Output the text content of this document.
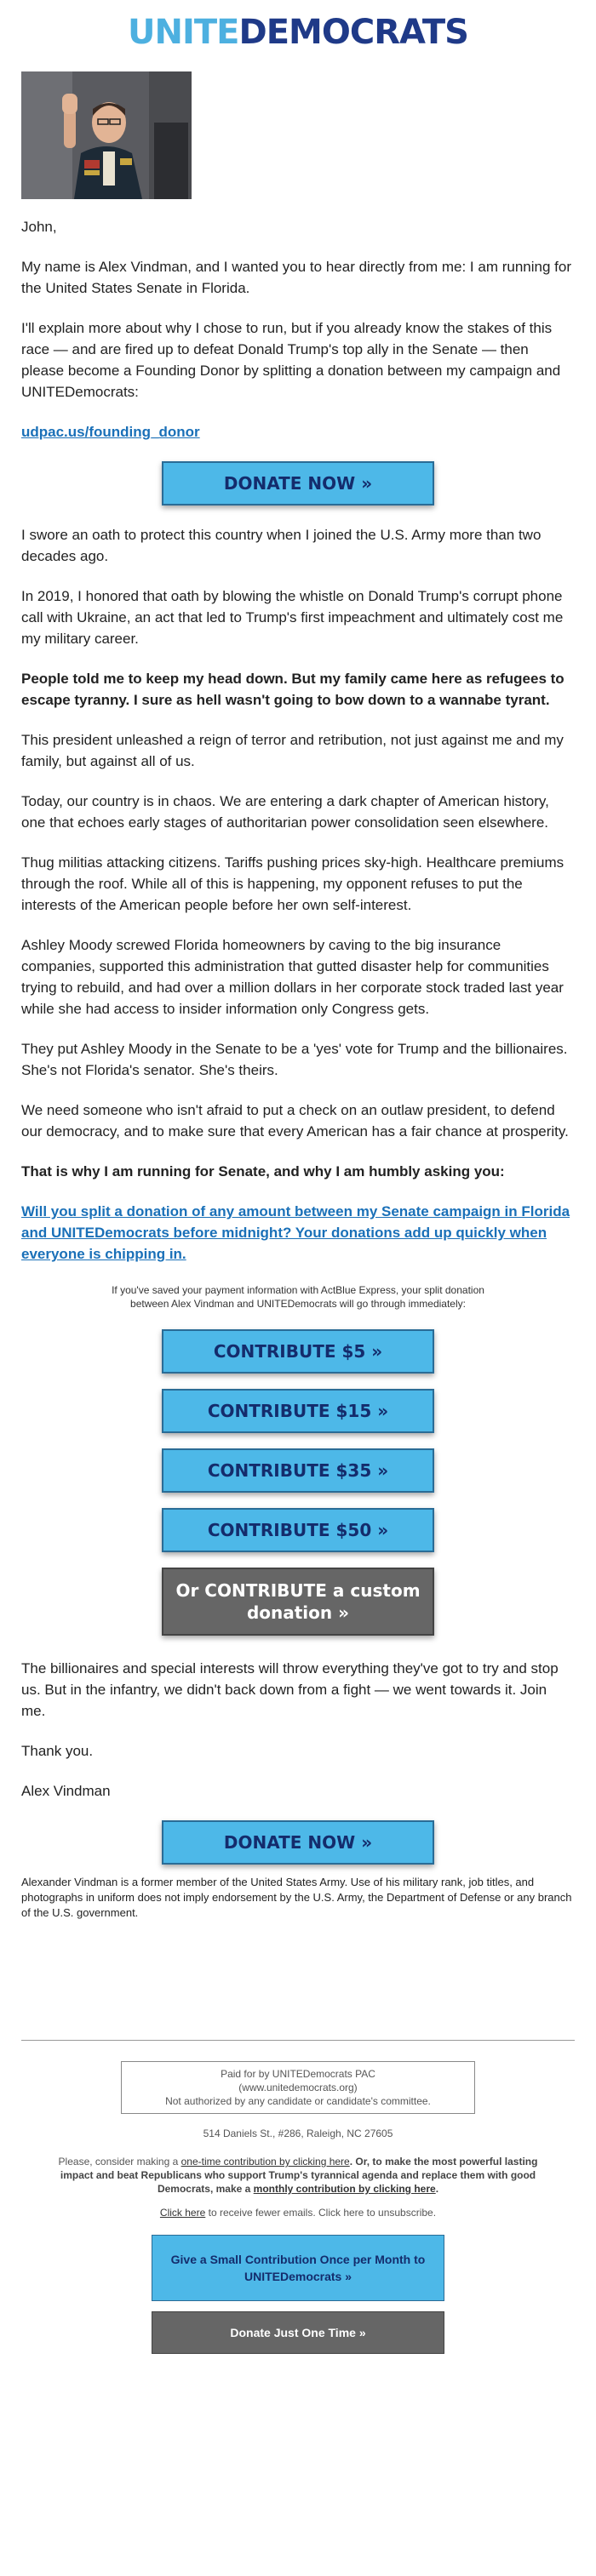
UNITEDEMOCRATS

John,

My name is Alex Vindman, and I wanted you to hear directly from me: I am running for the United States Senate in Florida.

I'll explain more about why I chose to run, but if you already know the stakes of this race — and are fired up to defeat Donald Trump's top ally in the Senate — then please become a Founding Donor by splitting a donation between my campaign and UNITEDemocrats:

udpac.us/founding_donor

DONATE NOW »

I swore an oath to protect this country when I joined the U.S. Army more than two decades ago.

In 2019, I honored that oath by blowing the whistle on Donald Trump's corrupt phone call with Ukraine, an act that led to Trump's first impeachment and ultimately cost me my military career.

People told me to keep my head down. But my family came here as refugees to escape tyranny. I sure as hell wasn't going to bow down to a wannabe tyrant.

This president unleashed a reign of terror and retribution, not just against me and my family, but against all of us.

Today, our country is in chaos. We are entering a dark chapter of American history, one that echoes early stages of authoritarian power consolidation seen elsewhere.

Thug militias attacking citizens. Tariffs pushing prices sky-high. Healthcare premiums through the roof. While all of this is happening, my opponent refuses to put the interests of the American people before her own self-interest.

Ashley Moody screwed Florida homeowners by caving to the big insurance companies, supported this administration that gutted disaster help for communities trying to rebuild, and had over a million dollars in her corporate stock traded last year while she had access to insider information only Congress gets.

They put Ashley Moody in the Senate to be a 'yes' vote for Trump and the billionaires. She's not Florida's senator. She's theirs.

We need someone who isn't afraid to put a check on an outlaw president, to defend our democracy, and to make sure that every American has a fair chance at prosperity.

That is why I am running for Senate, and why I am humbly asking you:

Will you split a donation of any amount between my Senate campaign in Florida and UNITEDemocrats before midnight? Your donations add up quickly when everyone is chipping in.

If you've saved your payment information with ActBlue Express, your split donation between Alex Vindman and UNITEDemocrats will go through immediately:
CONTRIBUTE $5 »
CONTRIBUTE $15 »
CONTRIBUTE $35 »
CONTRIBUTE $50 »
Or CONTRIBUTE a custom donation »

The billionaires and special interests will throw everything they've got to try and stop us. But in the infantry, we didn't back down from a fight — we went towards it. Join me.

Thank you.

Alex Vindman

DONATE NOW »
Alexander Vindman is a former member of the United States Army. Use of his military rank, job titles, and photographs in uniform does not imply endorsement by the U.S. Army, the Department of Defense or any branch of the U.S. government.
Paid for by UNITEDemocrats PAC
(www.unitedemocrats.org)
Not authorized by any candidate or candidate's committee.
514 Daniels St., #286, Raleigh, NC 27605
Please, consider making a one-time contribution by clicking here. Or, to make the most powerful lasting impact and beat Republicans who support Trump's tyrannical agenda and replace them with good Democrats, make a monthly contribution by clicking here.
Click here to receive fewer emails. Click here to unsubscribe.
Give a Small Contribution Once per Month to UNITEDemocrats »
Donate Just One Time »
